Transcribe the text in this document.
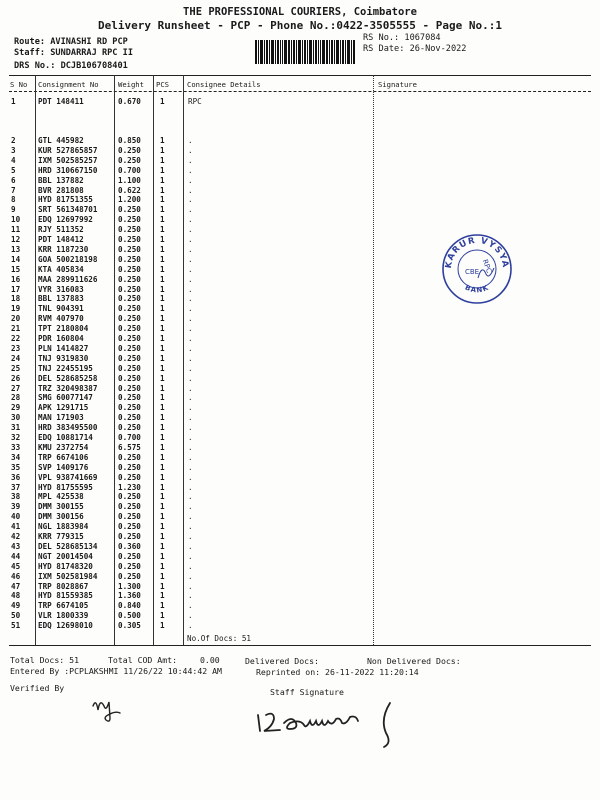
THE PROFESSIONAL COURIERS, Coimbatore
Delivery Runsheet - PCP - Phone No.:0422-3505555 - Page No.:1
Route: AVINASHI RD PCP
Staff: SUNDARRAJ RPC II
DRS No.: DCJB106708401
RS No.: 1067084
RS Date: 26-Nov-2022
S No Consignment No	Weight PCS	Consignee Details	Signature
1	PDT 148411	0.670	1	RPC
2	GTL 445982	0.850	1	.
3	KUR 527865857	0.250	1	.
4	IXM 502585257	0.250	1	.
5	HRD 310667150	0.700	1	.
6	BBL 137882	1.100	1	.
7	BVR 281808	0.622	1	.
8	HYD 81751355	1.200	1	.
9	SRT 561348701	0.250	1	.
10 EDQ 12697992	0.250	1	.
11 RJY 511352	0.250	1	.
12 PDT 148412	0.250	1	.
13 KRR 1187230	0.250	1	.
14 GOA 500218198	0.250	1	.
15 KTA 405834	0.250	1	.
16 MAA 289911626	0.250	1	.
17 VYR 316083	0.250	1	.
18 BBL 137883	0.250	1	.
19 TNL 904391	0.250	1	.
20 RVM 407970	0.250	1	.
21 TPT 2180804	0.250	1	.
22 PDR 160804	0.250	1	.
23 PLN 1414827	0.250	1	.
24 TNJ 9319830	0.250	1	.
25 TNJ 22455195	0.250	1	.
26 DEL 528685258	0.250	1	.
27 TRZ 320498387	0.250	1	.
28 SMG 60077147	0.250	1	.
29 APK 1291715	0.250	1	.
30 MAN 171903	0.250	1	.
31 HRD 383495500	0.250	1	.
32 EDQ 10881714	0.700	1	.
33 KMU 2372754	6.575	1	.
34 TRP 6674106	0.250	1	.
35 SVP 1409176	0.250	1	.
36 VPL 938741669	0.250	1	.
37 HYD 81755595	1.230	1	.
38 MPL 425538	0.250	1	.
39 DMM 300155	0.250	1	.
40 DMM 300156	0.250	1	.
41 NGL 1883984	0.250	1	.
42 KRR 779315	0.250	1	.
43 DEL 528685134	0.360	1	.
44 NGT 20014504	0.250	1	.
45 HYD 81748320	0.250	1	.
46 IXM 502581984	0.250	1	.
47 TRP 8028867	1.300	1	.
48 HYD 81559385	1.360	1	.
49 TRP 6674105	0.840	1	.
50 VLR 1800339	0.500	1	.
51 EDQ 12698010	0.305	1	.
No.Of Docs: 51
Total Docs: 51	Total COD Amt:	0.00	Delivered Docs:	Non Delivered Docs:
Entered By :PCPLAKSHMI 11/26/22 10:44:42 AM	Reprinted on: 26-11-2022 11:20:14
Verified By	Staff Signature
KARUR VYSYA
BANK
CBE RPC
